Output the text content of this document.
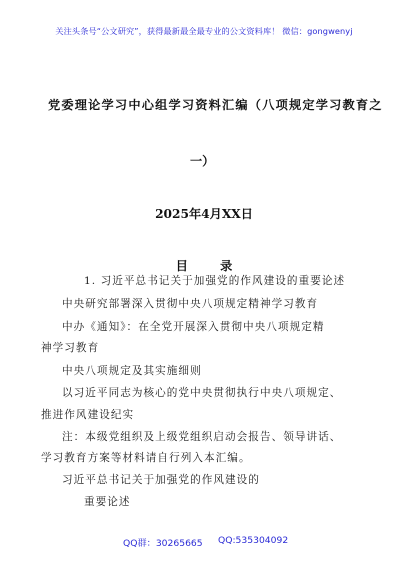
关注头条号“公文研究”，获得最新最全最专业的公文资料库！ 微信：gongwenyj
党委理论学习中心组学习资料汇编（八项规定学习教育之
一）
2025年4月XX日
目 录
1. 习近平总书记关于加强党的作风建设的重要论述
中央研究部署深入贯彻中央八项规定精神学习教育
中办《通知》：在全党开展深入贯彻中央八项规定精
神学习教育
中央八项规定及其实施细则
以习近平同志为核心的党中央贯彻执行中央八项规定、
推进作风建设纪实
注：本级党组织及上级党组织启动会报告、领导讲话、
学习教育方案等材料请自行列入本汇编。
习近平总书记关于加强党的作风建设的
重要论述
QQ群：30265665 QQ:535304092
